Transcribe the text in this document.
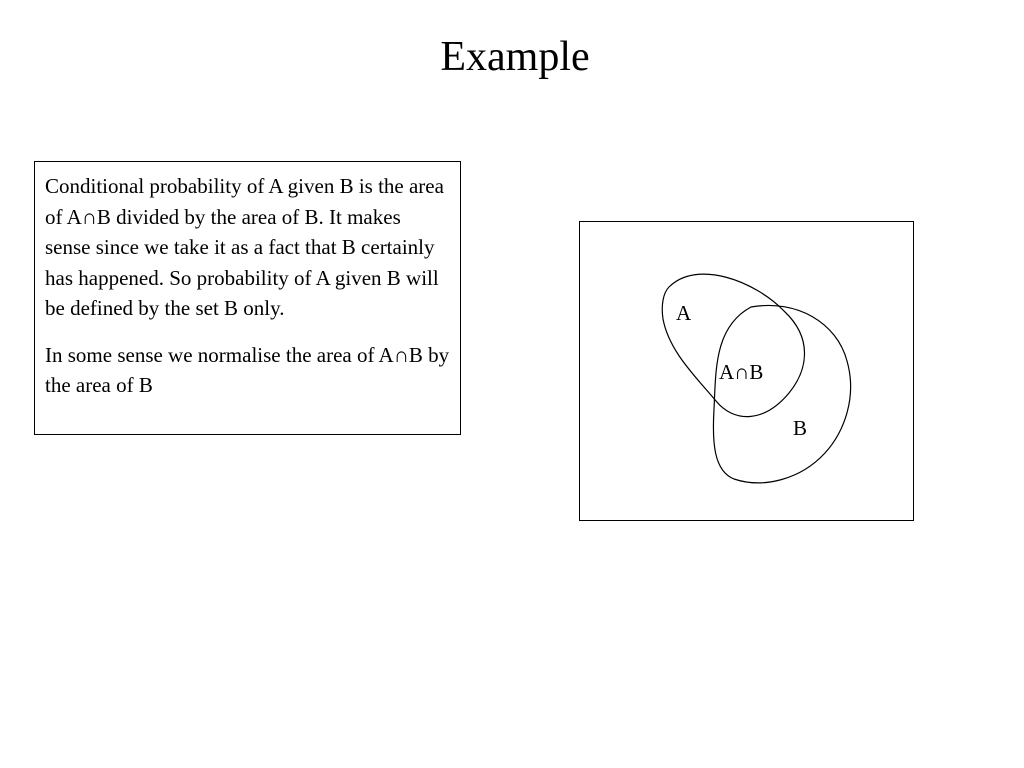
Example

Conditional probability of A given B is the area of A∩B divided by the area of B. It makes sense since we take it as a fact that B certainly has happened. So probability of A given B will be defined by the set B only.

In some sense we normalise the area of A∩B by the area of B

A
A∩B
B
